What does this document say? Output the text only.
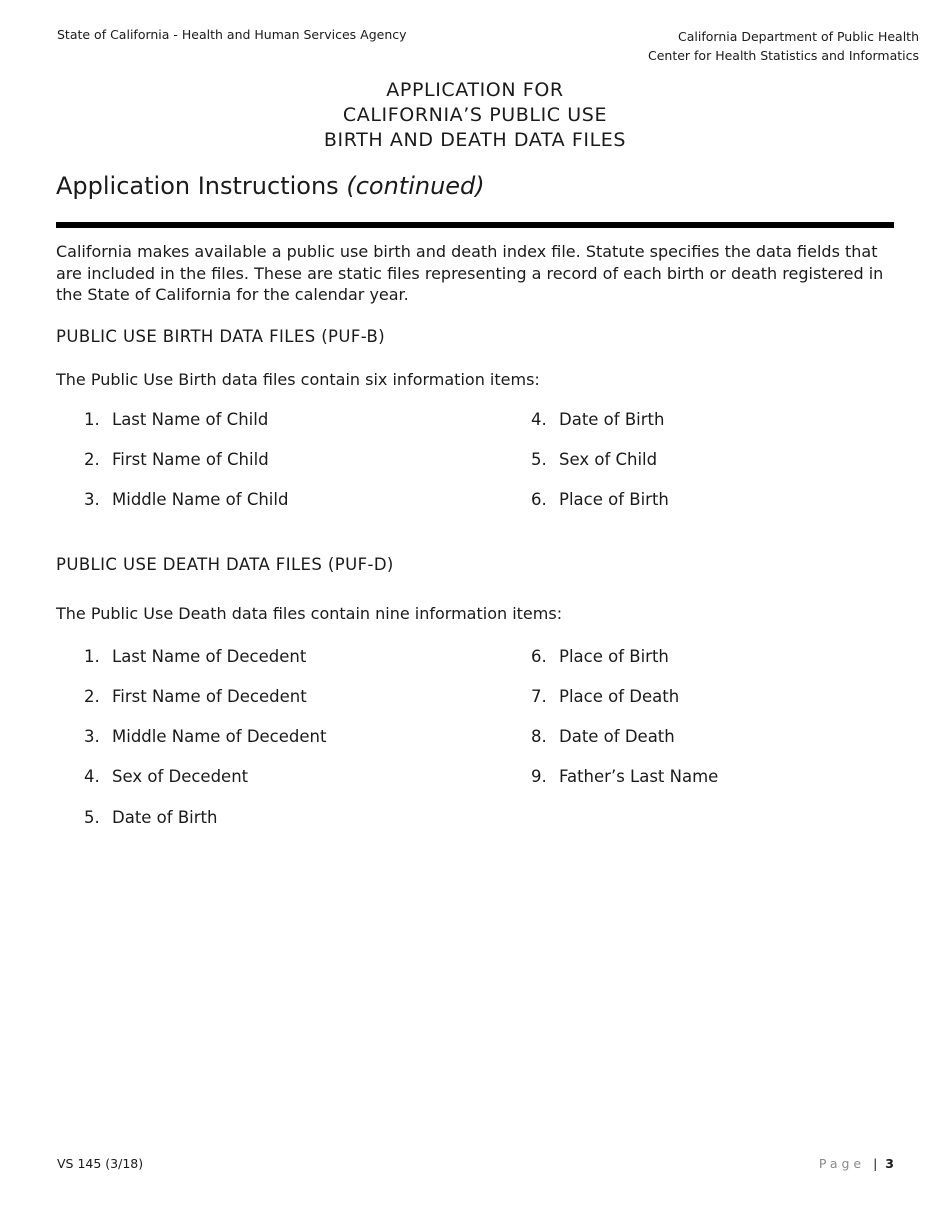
State of California - Health and Human Services Agency	California Department of Public Health
Center for Health Statistics and Informatics
APPLICATION FOR
CALIFORNIA’S PUBLIC USE
BIRTH AND DEATH DATA FILES
Application Instructions (continued)
California makes available a public use birth and death index file. Statute specifies the data fields that are included in the files. These are static files representing a record of each birth or death registered in the State of California for the calendar year.
PUBLIC USE BIRTH DATA FILES (PUF-B)
The Public Use Birth data files contain six information items:
1. Last Name of Child
2. First Name of Child
3. Middle Name of Child
4. Date of Birth
5. Sex of Child
6. Place of Birth
PUBLIC USE DEATH DATA FILES (PUF-D)
The Public Use Death data files contain nine information items:
1. Last Name of Decedent
2. First Name of Decedent
3. Middle Name of Decedent
4. Sex of Decedent
5. Date of Birth
6. Place of Birth
7. Place of Death
8. Date of Death
9. Father’s Last Name
VS 145 (3/18)	Page | 3
